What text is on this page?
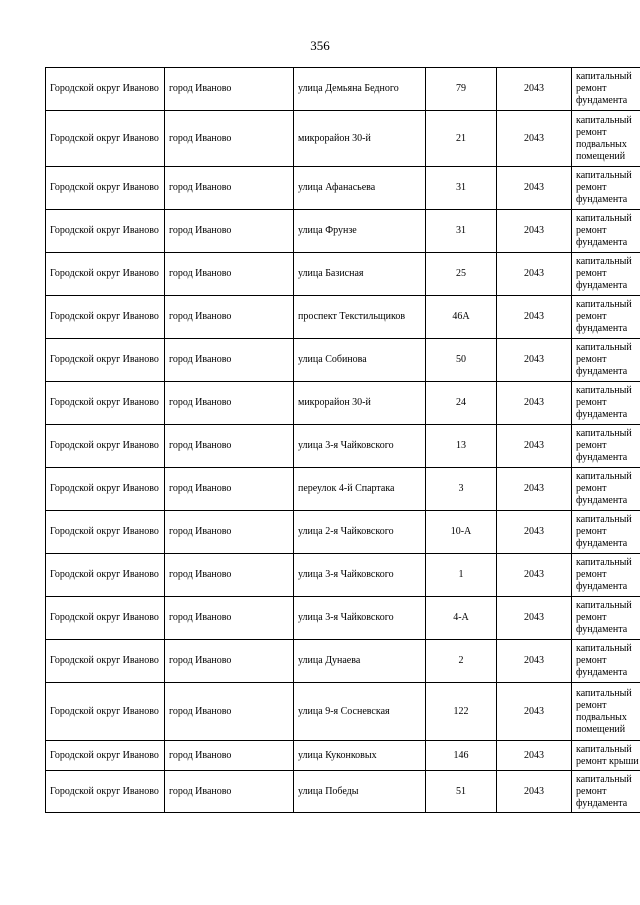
356
Городской округ Иваново	город Иваново	улица Демьяна Бедного	79	2043	капитальный ремонт фундамента
Городской округ Иваново	город Иваново	микрорайон 30-й	21	2043	капитальный ремонт подвальных помещений
Городской округ Иваново	город Иваново	улица Афанасьева	31	2043	капитальный ремонт фундамента
Городской округ Иваново	город Иваново	улица Фрунзе	31	2043	капитальный ремонт фундамента
Городской округ Иваново	город Иваново	улица Базисная	25	2043	капитальный ремонт фундамента
Городской округ Иваново	город Иваново	проспект Текстильщиков	46А	2043	капитальный ремонт фундамента
Городской округ Иваново	город Иваново	улица Собинова	50	2043	капитальный ремонт фундамента
Городской округ Иваново	город Иваново	микрорайон 30-й	24	2043	капитальный ремонт фундамента
Городской округ Иваново	город Иваново	улица 3-я Чайковского	13	2043	капитальный ремонт фундамента
Городской округ Иваново	город Иваново	переулок 4-й Спартака	3	2043	капитальный ремонт фундамента
Городской округ Иваново	город Иваново	улица 2-я Чайковского	10-А	2043	капитальный ремонт фундамента
Городской округ Иваново	город Иваново	улица 3-я Чайковского	1	2043	капитальный ремонт фундамента
Городской округ Иваново	город Иваново	улица 3-я Чайковского	4-А	2043	капитальный ремонт фундамента
Городской округ Иваново	город Иваново	улица Дунаева	2	2043	капитальный ремонт фундамента
Городской округ Иваново	город Иваново	улица 9-я Сосневская	122	2043	капитальный ремонт подвальных помещений
Городской округ Иваново	город Иваново	улица Куконковых	146	2043	капитальный ремонт крыши
Городской округ Иваново	город Иваново	улица Победы	51	2043	капитальный ремонт фундамента
